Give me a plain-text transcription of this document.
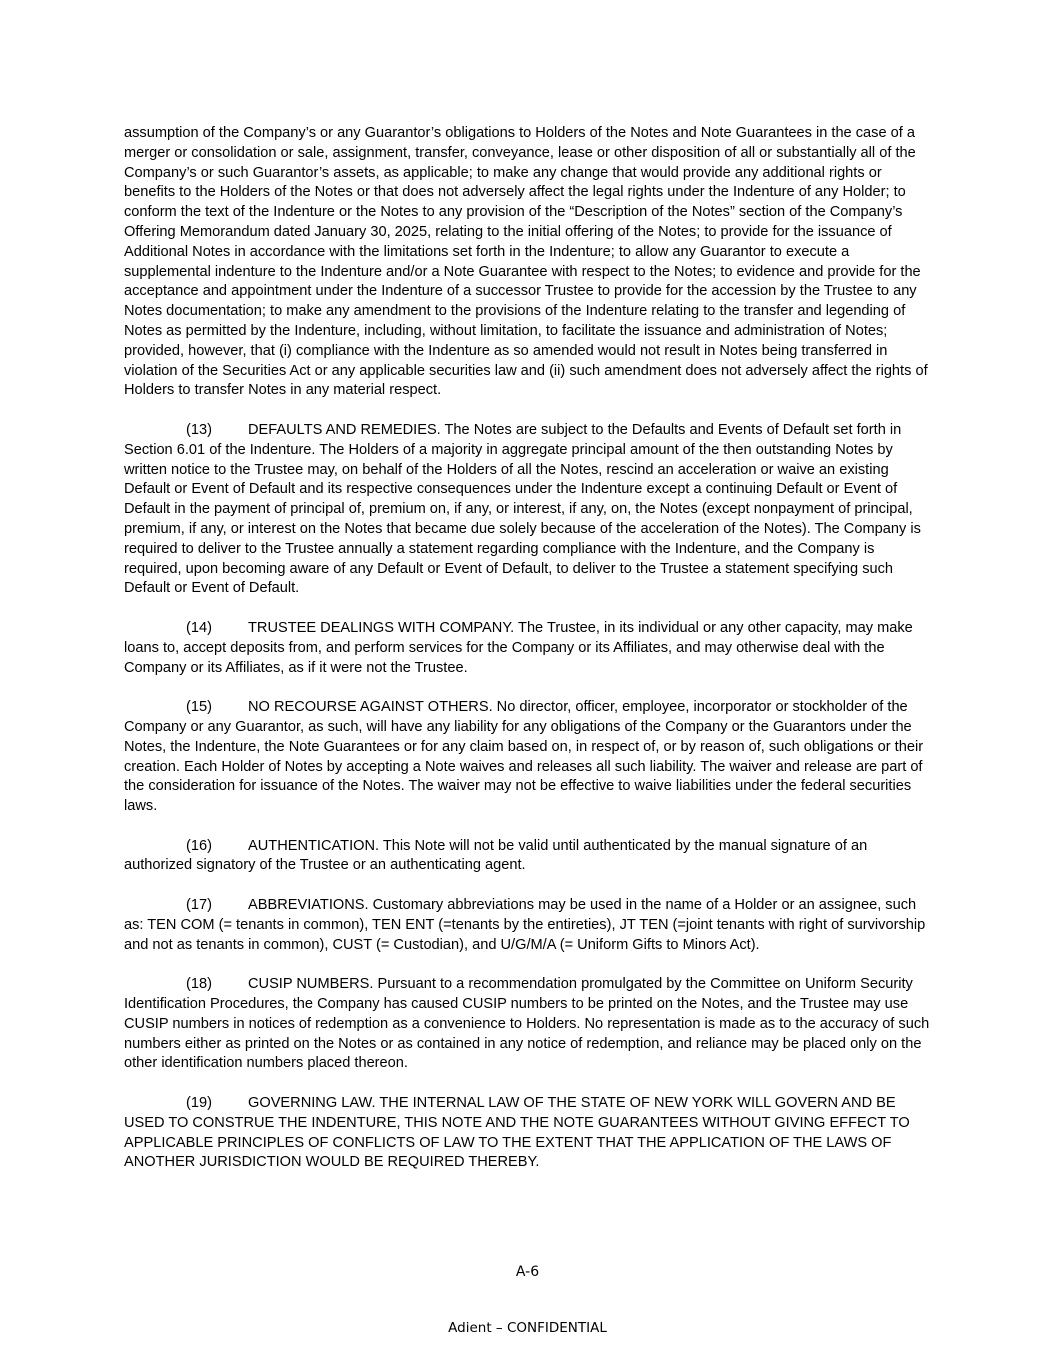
assumption of the Company’s or any Guarantor’s obligations to Holders of the Notes and Note Guarantees in the case of a merger or consolidation or sale, assignment, transfer, conveyance, lease or other disposition of all or substantially all of the Company’s or such Guarantor’s assets, as applicable; to make any change that would provide any additional rights or benefits to the Holders of the Notes or that does not adversely affect the legal rights under the Indenture of any Holder; to conform the text of the Indenture or the Notes to any provision of the “Description of the Notes” section of the Company’s Offering Memorandum dated January 30, 2025, relating to the initial offering of the Notes; to provide for the issuance of Additional Notes in accordance with the limitations set forth in the Indenture; to allow any Guarantor to execute a supplemental indenture to the Indenture and/or a Note Guarantee with respect to the Notes; to evidence and provide for the acceptance and appointment under the Indenture of a successor Trustee to provide for the accession by the Trustee to any Notes documentation; to make any amendment to the provisions of the Indenture relating to the transfer and legending of Notes as permitted by the Indenture, including, without limitation, to facilitate the issuance and administration of Notes; provided, however, that (i) compliance with the Indenture as so amended would not result in Notes being transferred in violation of the Securities Act or any applicable securities law and (ii) such amendment does not adversely affect the rights of Holders to transfer Notes in any material respect.

(13) DEFAULTS AND REMEDIES. The Notes are subject to the Defaults and Events of Default set forth in Section 6.01 of the Indenture. The Holders of a majority in aggregate principal amount of the then outstanding Notes by written notice to the Trustee may, on behalf of the Holders of all the Notes, rescind an acceleration or waive an existing Default or Event of Default and its respective consequences under the Indenture except a continuing Default or Event of Default in the payment of principal of, premium on, if any, or interest, if any, on, the Notes (except nonpayment of principal, premium, if any, or interest on the Notes that became due solely because of the acceleration of the Notes). The Company is required to deliver to the Trustee annually a statement regarding compliance with the Indenture, and the Company is required, upon becoming aware of any Default or Event of Default, to deliver to the Trustee a statement specifying such Default or Event of Default.

(14) TRUSTEE DEALINGS WITH COMPANY. The Trustee, in its individual or any other capacity, may make loans to, accept deposits from, and perform services for the Company or its Affiliates, and may otherwise deal with the Company or its Affiliates, as if it were not the Trustee.

(15) NO RECOURSE AGAINST OTHERS. No director, officer, employee, incorporator or stockholder of the Company or any Guarantor, as such, will have any liability for any obligations of the Company or the Guarantors under the Notes, the Indenture, the Note Guarantees or for any claim based on, in respect of, or by reason of, such obligations or their creation. Each Holder of Notes by accepting a Note waives and releases all such liability. The waiver and release are part of the consideration for issuance of the Notes. The waiver may not be effective to waive liabilities under the federal securities laws.

(16) AUTHENTICATION. This Note will not be valid until authenticated by the manual signature of an authorized signatory of the Trustee or an authenticating agent.

(17) ABBREVIATIONS. Customary abbreviations may be used in the name of a Holder or an assignee, such as: TEN COM (= tenants in common), TEN ENT (=tenants by the entireties), JT TEN (=joint tenants with right of survivorship and not as tenants in common), CUST (= Custodian), and U/G/M/A (= Uniform Gifts to Minors Act).

(18) CUSIP NUMBERS. Pursuant to a recommendation promulgated by the Committee on Uniform Security Identification Procedures, the Company has caused CUSIP numbers to be printed on the Notes, and the Trustee may use CUSIP numbers in notices of redemption as a convenience to Holders. No representation is made as to the accuracy of such numbers either as printed on the Notes or as contained in any notice of redemption, and reliance may be placed only on the other identification numbers placed thereon.

(19) GOVERNING LAW. THE INTERNAL LAW OF THE STATE OF NEW YORK WILL GOVERN AND BE USED TO CONSTRUE THE INDENTURE, THIS NOTE AND THE NOTE GUARANTEES WITHOUT GIVING EFFECT TO APPLICABLE PRINCIPLES OF CONFLICTS OF LAW TO THE EXTENT THAT THE APPLICATION OF THE LAWS OF ANOTHER JURISDICTION WOULD BE REQUIRED THEREBY.

A-6
Adient – CONFIDENTIAL
